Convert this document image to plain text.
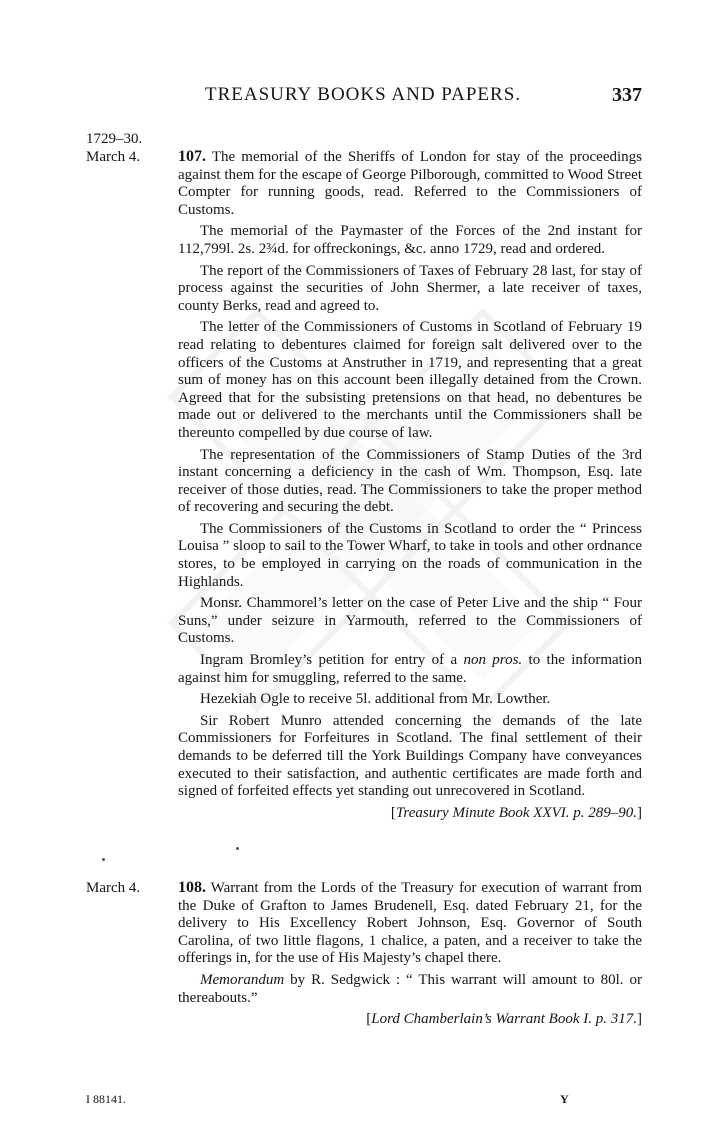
TREASURY BOOKS AND PAPERS.	337
1729–30.
March 4. 107. The memorial of the Sheriffs of London for stay of the proceedings against them for the escape of George Pilborough, committed to Wood Street Compter for running goods, read. Referred to the Commissioners of Customs.

The memorial of the Paymaster of the Forces of the 2nd instant for 112,799l. 2s. 2¾d. for offreckonings, &c. anno 1729, read and ordered.

The report of the Commissioners of Taxes of February 28 last, for stay of process against the securities of John Shermer, a late receiver of taxes, county Berks, read and agreed to.

The letter of the Commissioners of Customs in Scotland of February 19 read relating to debentures claimed for foreign salt delivered over to the officers of the Customs at Anstruther in 1719, and representing that a great sum of money has on this account been illegally detained from the Crown. Agreed that for the subsisting pretensions on that head, no debentures be made out or delivered to the merchants until the Commissioners shall be thereunto compelled by due course of law.

The representation of the Commissioners of Stamp Duties of the 3rd instant concerning a deficiency in the cash of Wm. Thompson, Esq. late receiver of those duties, read. The Commissioners to take the proper method of recovering and securing the debt.

The Commissioners of the Customs in Scotland to order the “ Princess Louisa ” sloop to sail to the Tower Wharf, to take in tools and other ordnance stores, to be employed in carrying on the roads of communication in the Highlands.

Monsr. Chammorel’s letter on the case of Peter Live and the ship “ Four Suns,” under seizure in Yarmouth, referred to the Commissioners of Customs.

Ingram Bromley’s petition for entry of a non pros. to the information against him for smuggling, referred to the same.

Hezekiah Ogle to receive 5l. additional from Mr. Lowther.

Sir Robert Munro attended concerning the demands of the late Commissioners for Forfeitures in Scotland. The final settlement of their demands to be deferred till the York Buildings Company have conveyances executed to their satisfaction, and authentic certificates are made forth and signed of forfeited effects yet standing out unrecovered in Scotland.

[Treasury Minute Book XXVI. p. 289–90.]

March 4. 108. Warrant from the Lords of the Treasury for execution of warrant from the Duke of Grafton to James Brudenell, Esq. dated February 21, for the delivery to His Excellency Robert Johnson, Esq. Governor of South Carolina, of two little flagons, 1 chalice, a paten, and a receiver to take the offerings in, for the use of His Majesty’s chapel there.

Memorandum by R. Sedgwick : “ This warrant will amount to 80l. or thereabouts.”

[Lord Chamberlain’s Warrant Book I. p. 317.]

I 88141.	Y
